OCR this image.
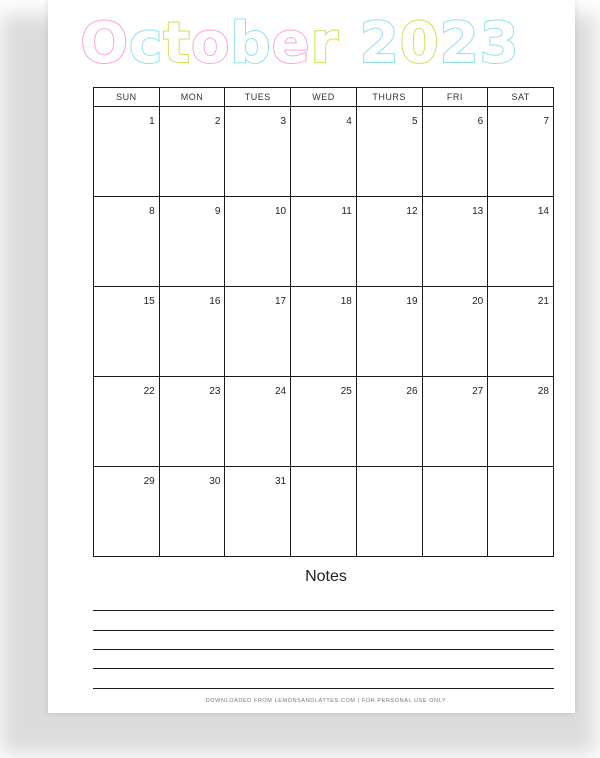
October 2023
SUN	MON	TUES	WED	THURS	FRI	SAT
1	2	3	4	5	6	7
8	9	10	11	12	13	14
15	16	17	18	19	20	21
22	23	24	25	26	27	28
29	30	31				
Notes
DOWNLOADED FROM LEMONSANDLATTES.COM | FOR PERSONAL USE ONLY
